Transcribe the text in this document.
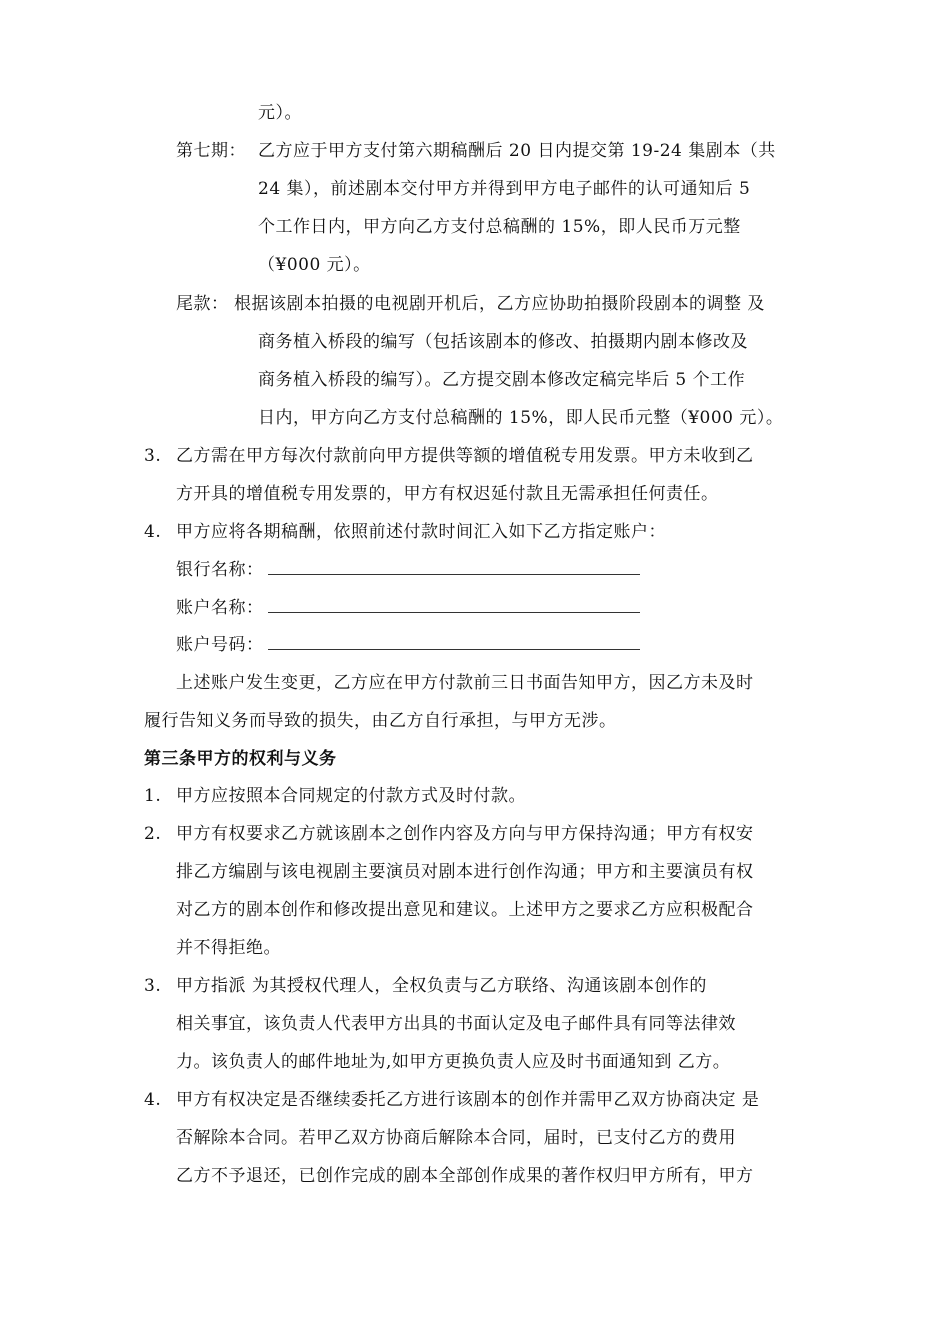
元）。
第七期： 乙方应于甲方支付第六期稿酬后 20 日内提交第 19-24 集剧本（共
24 集），前述剧本交付甲方并得到甲方电子邮件的认可通知后 5
个工作日内，甲方向乙方支付总稿酬的 15%，即人民币万元整
（¥000 元）。
尾款： 根据该剧本拍摄的电视剧开机后，乙方应协助拍摄阶段剧本的调整 及
商务植入桥段的编写（包括该剧本的修改、拍摄期内剧本修改及
商务植入桥段的编写）。乙方提交剧本修改定稿完毕后 5 个工作
日内，甲方向乙方支付总稿酬的 15%，即人民币元整（¥000 元）。
3. 乙方需在甲方每次付款前向甲方提供等额的增值税专用发票。甲方未收到乙
方开具的增值税专用发票的，甲方有权迟延付款且无需承担任何责任。
4. 甲方应将各期稿酬，依照前述付款时间汇入如下乙方指定账户：
银行名称：
账户名称：
账户号码：
上述账户发生变更，乙方应在甲方付款前三日书面告知甲方，因乙方未及时
履行告知义务而导致的损失，由乙方自行承担，与甲方无涉。
第三条甲方的权利与义务
1. 甲方应按照本合同规定的付款方式及时付款。
2. 甲方有权要求乙方就该剧本之创作内容及方向与甲方保持沟通；甲方有权安
排乙方编剧与该电视剧主要演员对剧本进行创作沟通；甲方和主要演员有权
对乙方的剧本创作和修改提出意见和建议。上述甲方之要求乙方应积极配合
并不得拒绝。
3. 甲方指派 为其授权代理人，全权负责与乙方联络、沟通该剧本创作的
相关事宜，该负责人代表甲方出具的书面认定及电子邮件具有同等法律效
力。该负责人的邮件地址为,如甲方更换负责人应及时书面通知到 乙方。
4. 甲方有权决定是否继续委托乙方进行该剧本的创作并需甲乙双方协商决定 是
否解除本合同。若甲乙双方协商后解除本合同，届时，已支付乙方的费用
乙方不予退还，已创作完成的剧本全部创作成果的著作权归甲方所有，甲方
